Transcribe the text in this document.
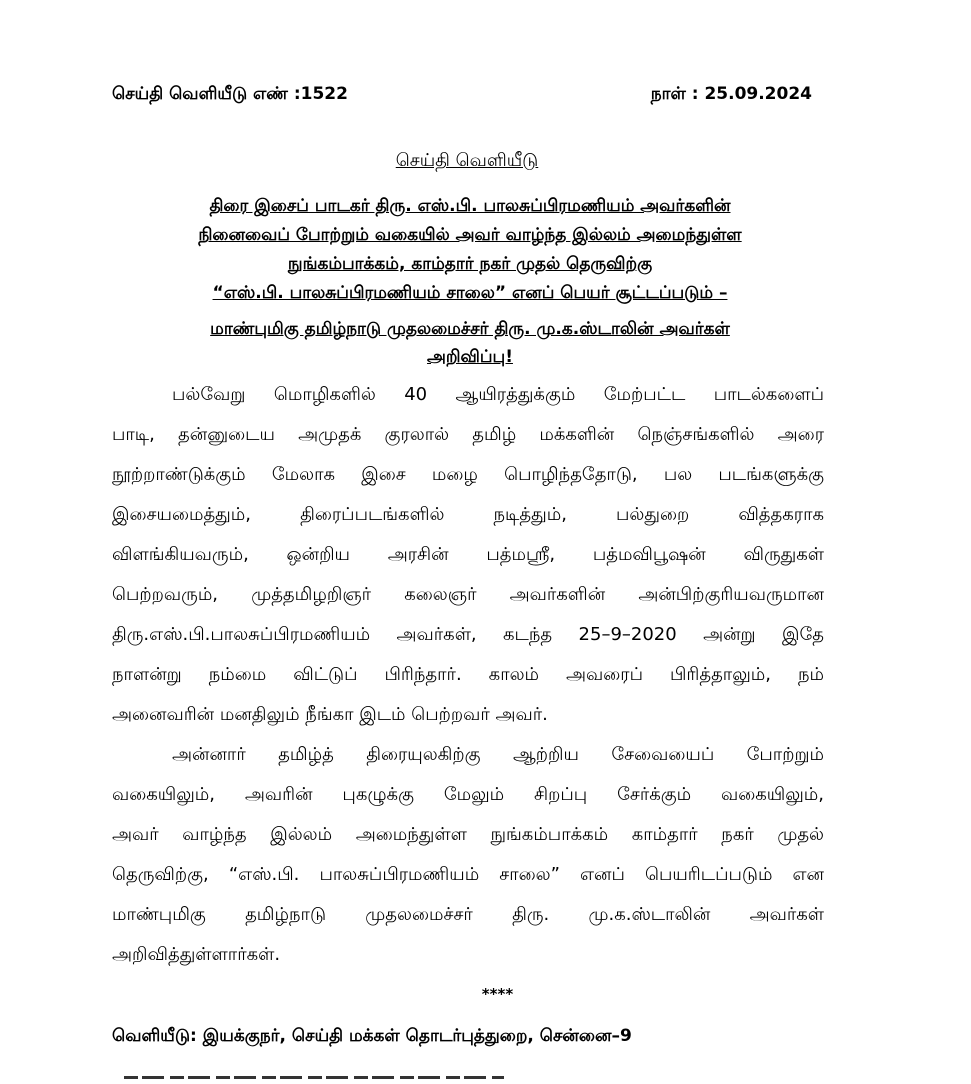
செய்தி வெளியீடு எண் :1522	நாள் : 25.09.2024
செய்தி வெளியீடு
திரை இசைப் பாடகர் திரு. எஸ்.பி. பாலசுப்பிரமணியம் அவர்களின்
நினைவைப் போற்றும் வகையில் அவர் வாழ்ந்த இல்லம் அமைந்துள்ள
நுங்கம்பாக்கம், காம்தார் நகர் முதல் தெருவிற்கு
“எஸ்.பி. பாலசுப்பிரமணியம் சாலை” எனப் பெயர் சூட்டப்படும் –
மாண்புமிகு தமிழ்நாடு முதலமைச்சர் திரு. மு.க.ஸ்டாலின் அவர்கள்
அறிவிப்பு!
பல்வேறு மொழிகளில் 40 ஆயிரத்துக்கும் மேற்பட்ட பாடல்களைப்
பாடி, தன்னுடைய அமுதக் குரலால் தமிழ் மக்களின் நெஞ்சங்களில் அரை
நூற்றாண்டுக்கும் மேலாக இசை மழை பொழிந்ததோடு, பல படங்களுக்கு
இசையமைத்தும், திரைப்படங்களில் நடித்தும், பல்துறை வித்தகராக
விளங்கியவரும், ஒன்றிய அரசின் பத்மஸ்ரீ, பத்மவிபூஷன் விருதுகள்
பெற்றவரும், முத்தமிழறிஞர் கலைஞர் அவர்களின் அன்பிற்குரியவருமான
திரு.எஸ்.பி.பாலசுப்பிரமணியம் அவர்கள், கடந்த 25–9–2020 அன்று இதே
நாளன்று நம்மை விட்டுப் பிரிந்தார். காலம் அவரைப் பிரித்தாலும், நம்
அனைவரின் மனதிலும் நீங்கா இடம் பெற்றவர் அவர்.
அன்னார் தமிழ்த் திரையுலகிற்கு ஆற்றிய சேவையைப் போற்றும்
வகையிலும், அவரின் புகழுக்கு மேலும் சிறப்பு சேர்க்கும் வகையிலும்,
அவர் வாழ்ந்த இல்லம் அமைந்துள்ள நுங்கம்பாக்கம் காம்தார் நகர் முதல்
தெருவிற்கு, “எஸ்.பி. பாலசுப்பிரமணியம் சாலை” எனப் பெயரிடப்படும் என
மாண்புமிகு தமிழ்நாடு முதலமைச்சர் திரு. மு.க.ஸ்டாலின் அவர்கள்
அறிவித்துள்ளார்கள்.
****
வெளியீடு: இயக்குநர், செய்தி மக்கள் தொடர்புத்துறை, சென்னை–9
